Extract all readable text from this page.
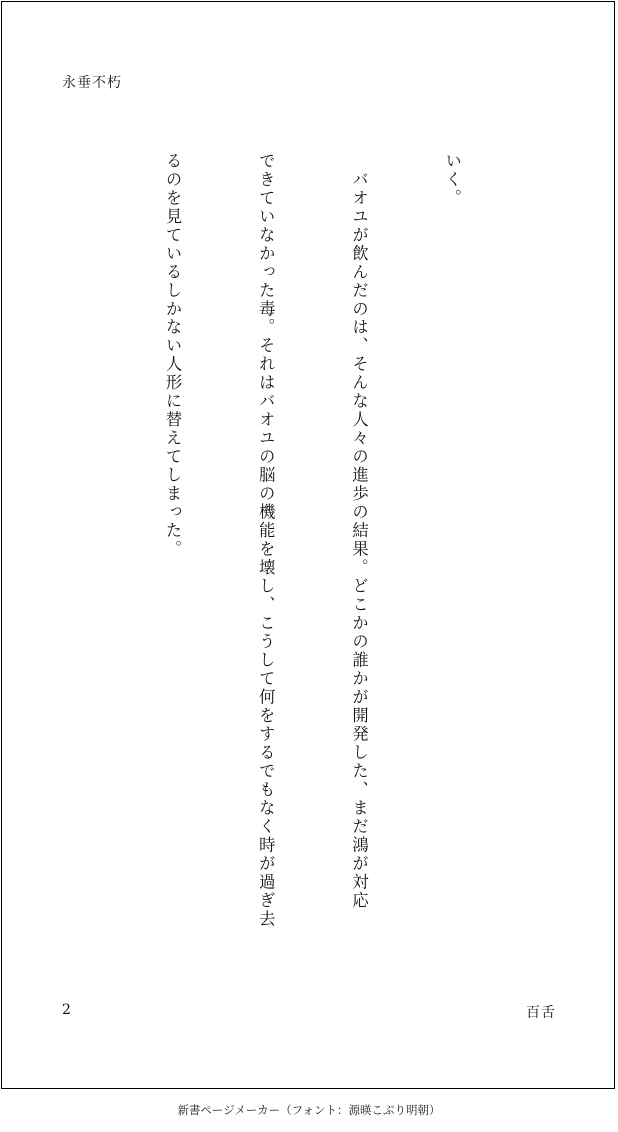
永垂不朽

いく。

　バオユが飲んだのは、そんな人々の進歩の結果。どこかの誰かが開発した、まだ鴻が対応

できていなかった毒。それはバオユの脳の機能を壊し、こうして何をするでもなく時が過ぎ去

るのを見ているしかない人形に替えてしまった。

2	百舌
新書ページメーカー（フォント：源暎こぶり明朝）
